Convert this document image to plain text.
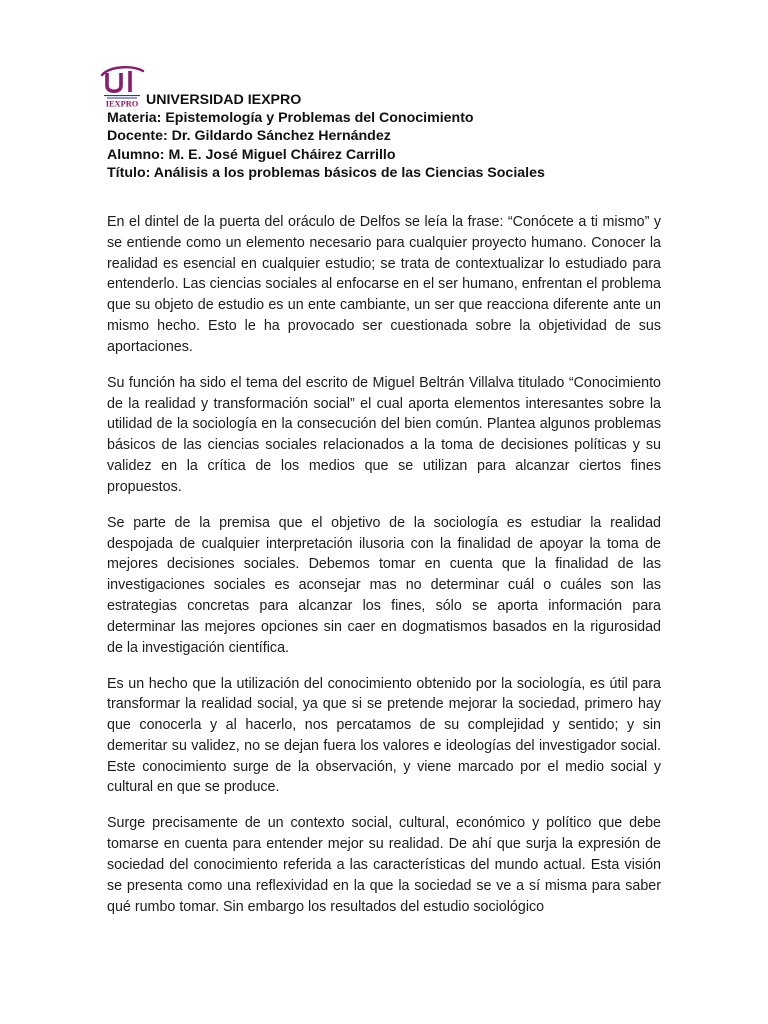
IEXPRO UNIVERSIDAD IEXPRO
Materia: Epistemología y Problemas del Conocimiento
Docente: Dr. Gildardo Sánchez Hernández
Alumno: M. E. José Miguel Cháirez Carrillo
Título: Análisis a los problemas básicos de las Ciencias Sociales

En el dintel de la puerta del oráculo de Delfos se leía la frase: “Conócete a ti mismo” y se entiende como un elemento necesario para cualquier proyecto humano. Conocer la realidad es esencial en cualquier estudio; se trata de contextualizar lo estudiado para entenderlo. Las ciencias sociales al enfocarse en el ser humano, enfrentan el problema que su objeto de estudio es un ente cambiante, un ser que reacciona diferente ante un mismo hecho. Esto le ha provocado ser cuestionada sobre la objetividad de sus aportaciones.

Su función ha sido el tema del escrito de Miguel Beltrán Villalva titulado “Conocimiento de la realidad y transformación social” el cual aporta elementos interesantes sobre la utilidad de la sociología en la consecución del bien común. Plantea algunos problemas básicos de las ciencias sociales relacionados a la toma de decisiones políticas y su validez en la crítica de los medios que se utilizan para alcanzar ciertos fines propuestos.

Se parte de la premisa que el objetivo de la sociología es estudiar la realidad despojada de cualquier interpretación ilusoria con la finalidad de apoyar la toma de mejores decisiones sociales. Debemos tomar en cuenta que la finalidad de las investigaciones sociales es aconsejar mas no determinar cuál o cuáles son las estrategias concretas para alcanzar los fines, sólo se aporta información para determinar las mejores opciones sin caer en dogmatismos basados en la rigurosidad de la investigación científica.

Es un hecho que la utilización del conocimiento obtenido por la sociología, es útil para transformar la realidad social, ya que si se pretende mejorar la sociedad, primero hay que conocerla y al hacerlo, nos percatamos de su complejidad y sentido; y sin demeritar su validez, no se dejan fuera los valores e ideologías del investigador social. Este conocimiento surge de la observación, y viene marcado por el medio social y cultural en que se produce.

Surge precisamente de un contexto social, cultural, económico y político que debe tomarse en cuenta para entender mejor su realidad. De ahí que surja la expresión de sociedad del conocimiento referida a las características del mundo actual. Esta visión se presenta como una reflexividad en la que la sociedad se ve a sí misma para saber qué rumbo tomar. Sin embargo los resultados del estudio sociológico
